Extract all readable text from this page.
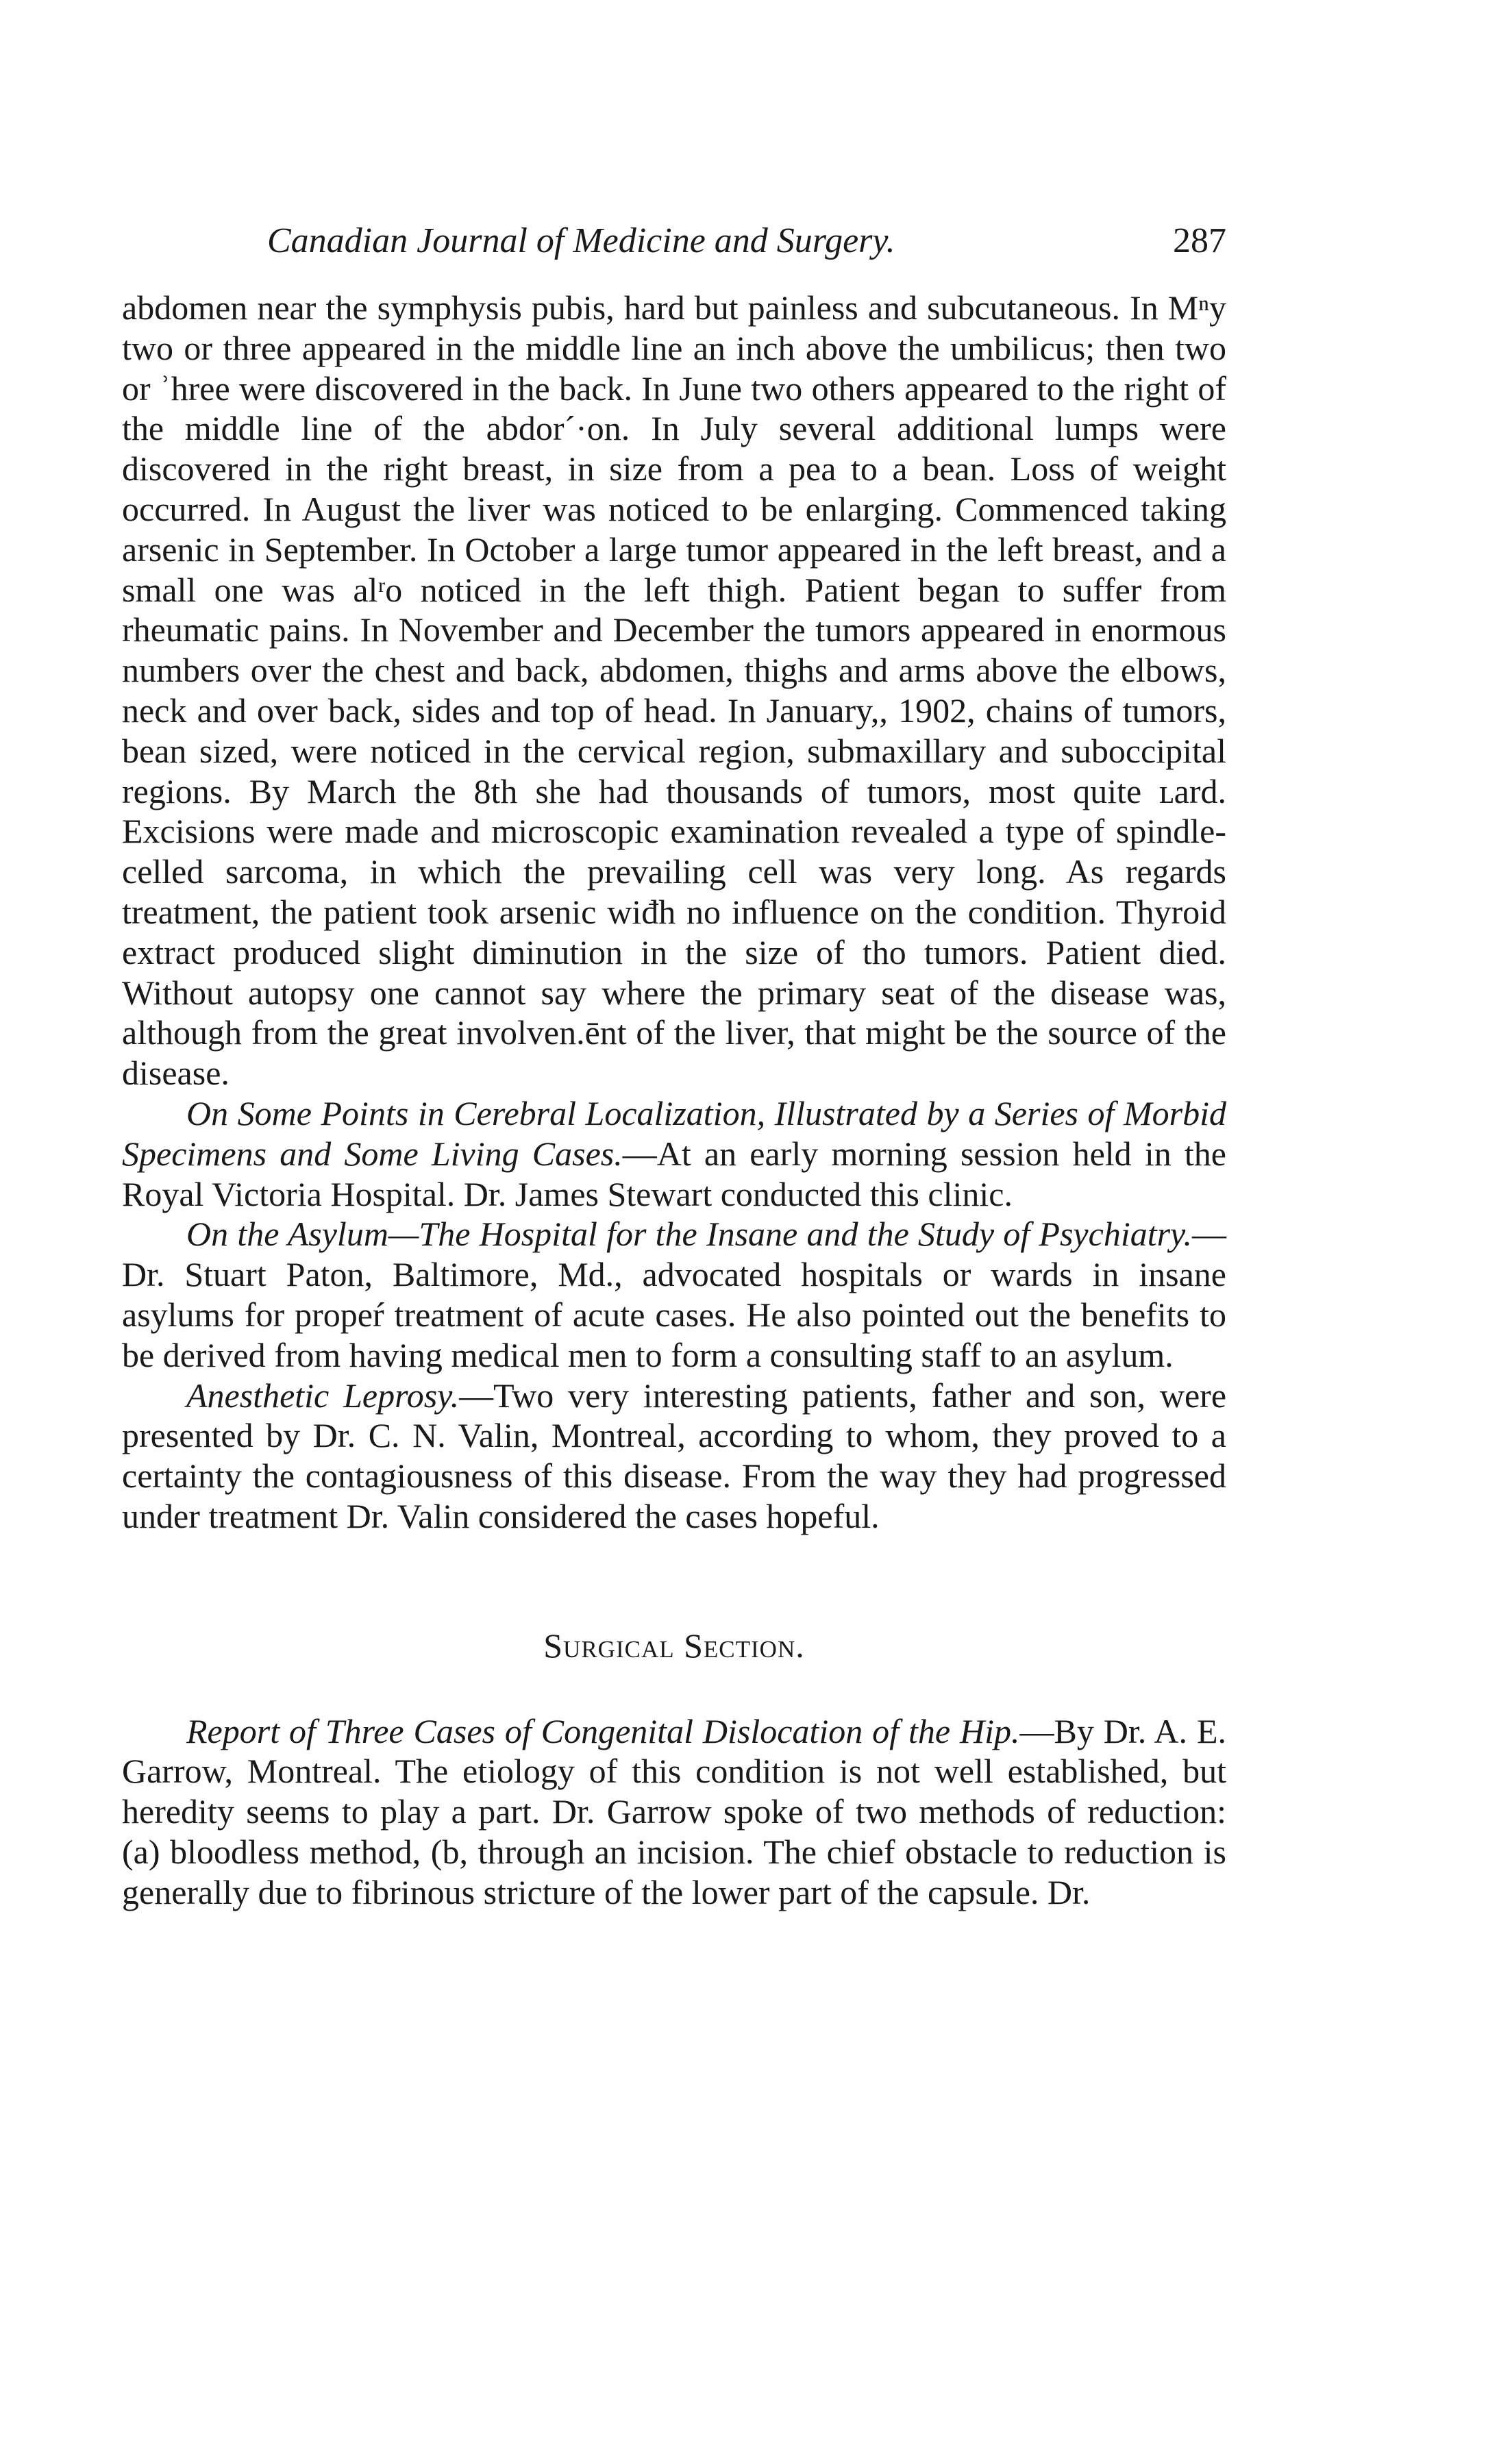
Canadian Journal of Medicine and Surgery.	287

abdomen near the symphysis pubis, hard but painless and subcutaneous. In Mⁿy two or three appeared in the middle line an inch above the umbilicus; then two or ʾhree were discovered in the back. In June two others appeared to the right of the middle line of the abdor´·on. In July several additional lumps were discovered in the right breast, in size from a pea to a bean. Loss of weight occurred. In August the liver was noticed to be enlarging. Commenced taking arsenic in September. In October a large tumor appeared in the left breast, and a small one was alʳo noticed in the left thigh. Patient began to suffer from rheumatic pains. In November and December the tumors appeared in enormous numbers over the chest and back, abdomen, thighs and arms above the elbows, neck and over back, sides and top of head. In January,, 1902, chains of tumors, bean sized, were noticed in the cervical region, submaxillary and suboccipital regions. By March the 8th she had thousands of tumors, most quite ʟard. Excisions were made and microscopic examination revealed a type of spindle-celled sarcoma, in which the prevailing cell was very long. As regards treatment, the patient took arsenic wiđh no influence on the condition. Thyroid extract produced slight diminution in the size of tho tumors. Patient died. Without autopsy one cannot say where the primary seat of the disease was, although from the great involven.ēnt of the liver, that might be the source of the disease.

On Some Points in Cerebral Localization, Illustrated by a Series of Morbid Specimens and Some Living Cases.—At an early morning session held in the Royal Victoria Hospital. Dr. James Stewart conducted this clinic.

On the Asylum—The Hospital for the Insane and the Study of Psychiatry.—Dr. Stuart Paton, Baltimore, Md., advocated hospitals or wards in insane asylums for propeŕ treatment of acute cases. He also pointed out the benefits to be derived from having medical men to form a consulting staff to an asylum.

Anesthetic Leprosy.—Two very interesting patients, father and son, were presented by Dr. C. N. Valin, Montreal, according to whom, they proved to a certainty the contagiousness of this disease. From the way they had progressed under treatment Dr. Valin considered the cases hopeful.

Surgical Section.

Report of Three Cases of Congenital Dislocation of the Hip.—By Dr. A. E. Garrow, Montreal. The etiology of this condition is not well established, but heredity seems to play a part. Dr. Garrow spoke of two methods of reduction: (a) bloodless method, (b, through an incision. The chief obstacle to reduction is generally due to fibrinous stricture of the lower part of the capsule. Dr.
